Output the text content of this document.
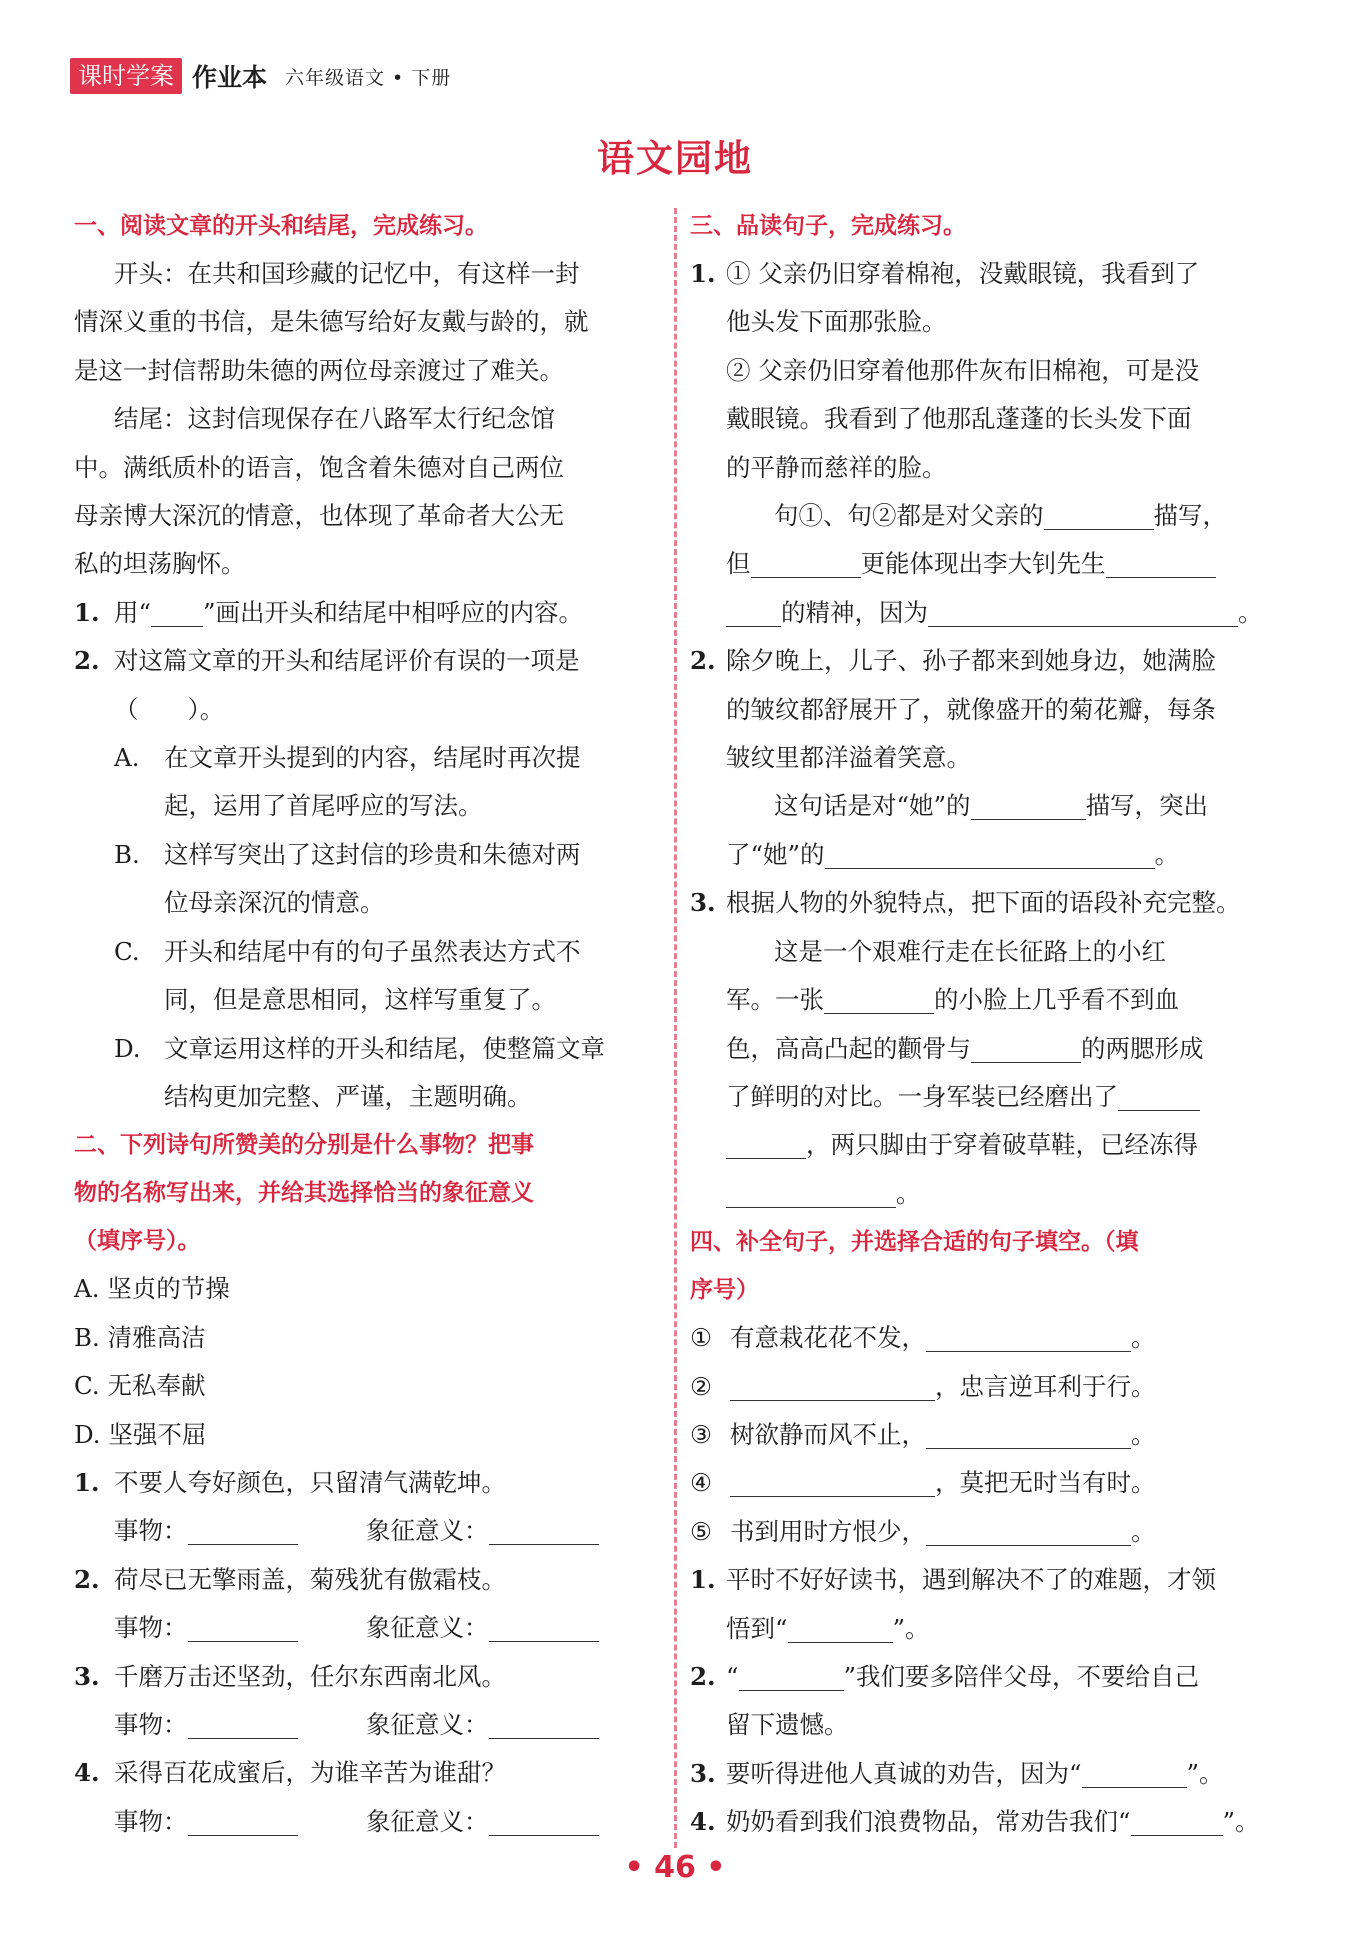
课时学案 作业本 六年级语文 • 下册
语文园地
一、阅读文章的开头和结尾，完成练习。
开头：在共和国珍藏的记忆中，有这样一封
情深义重的书信，是朱德写给好友戴与龄的，就
是这一封信帮助朱德的两位母亲渡过了难关。
结尾：这封信现保存在八路军太行纪念馆
中。满纸质朴的语言，饱含着朱德对自己两位
母亲博大深沉的情意，也体现了革命者大公无
私的坦荡胸怀。
1. 用“ ”画出开头和结尾中相呼应的内容。
2. 对这篇文章的开头和结尾评价有误的一项是
（　　）。
A. 在文章开头提到的内容，结尾时再次提
起，运用了首尾呼应的写法。
B. 这样写突出了这封信的珍贵和朱德对两
位母亲深沉的情意。
C. 开头和结尾中有的句子虽然表达方式不
同，但是意思相同，这样写重复了。
D. 文章运用这样的开头和结尾，使整篇文章
结构更加完整、严谨，主题明确。
二、下列诗句所赞美的分别是什么事物？把事
物的名称写出来，并给其选择恰当的象征意义
（填序号）。
A. 坚贞的节操
B. 清雅高洁
C. 无私奉献
D. 坚强不屈
1. 不要人夸好颜色，只留清气满乾坤。
事物：	象征意义：
2. 荷尽已无擎雨盖，菊残犹有傲霜枝。
事物：	象征意义：
3. 千磨万击还坚劲，任尔东西南北风。
事物：	象征意义：
4. 采得百花成蜜后，为谁辛苦为谁甜？
事物：	象征意义：
三、品读句子，完成练习。
1. ① 父亲仍旧穿着棉袍，没戴眼镜，我看到了
他头发下面那张脸。
② 父亲仍旧穿着他那件灰布旧棉袍，可是没
戴眼镜。我看到了他那乱蓬蓬的长头发下面
的平静而慈祥的脸。
句①、句②都是对父亲的	描写，
但	更能体现出李大钊先生
的精神，因为	。
2. 除夕晚上，儿子、孙子都来到她身边，她满脸
的皱纹都舒展开了，就像盛开的菊花瓣，每条
皱纹里都洋溢着笑意。
这句话是对“她”的	描写，突出
了“她”的	。
3. 根据人物的外貌特点，把下面的语段补充完整。
这是一个艰难行走在长征路上的小红
军。一张	的小脸上几乎看不到血
色，高高凸起的颧骨与	的两腮形成
了鲜明的对比。一身军装已经磨出了
，两只脚由于穿着破草鞋，已经冻得
。
四、补全句子，并选择合适的句子填空。（填
序号）
① 有意栽花花不发，	。
②	，忠言逆耳利于行。
③ 树欲静而风不止，	。
④	，莫把无时当有时。
⑤ 书到用时方恨少，	。
1. 平时不好好读书，遇到解决不了的难题，才领
悟到“	”。
2. “	”我们要多陪伴父母，不要给自己
留下遗憾。
3. 要听得进他人真诚的劝告，因为“	”。
4. 奶奶看到我们浪费物品，常劝告我们“	”。
• 46 •
